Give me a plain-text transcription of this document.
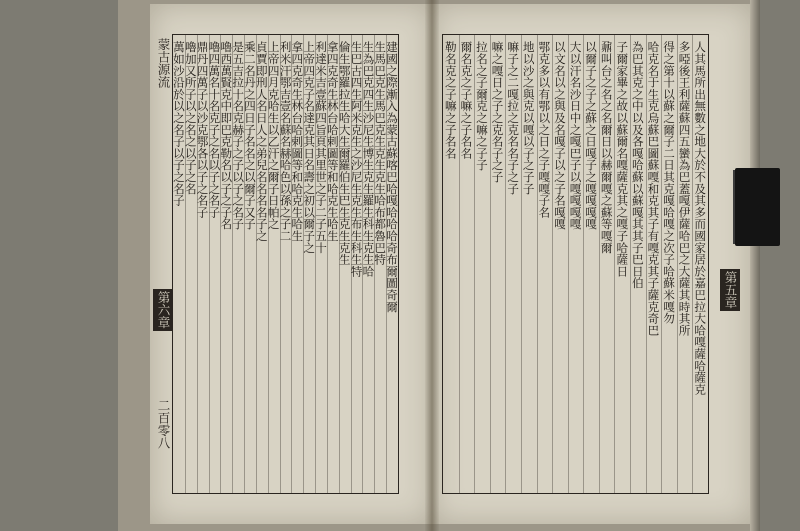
建國之際漸入為蒙古蘇喀巴哈嘎哈哈哈奇布爾圖奇爾
生馬巴克生馬巴克生克生克生哈布都魯巴特
生為巴克四生沙尼生博生克生羅生科生克生哈
生巴古四生阿米克生之沙尼生克生布生科生特
倫生鄂羅拉生哈大生爾羅伯生巴生克生克生
拿四克奇生林台哈剌圖等和哈克生哈生
利達米吉壹蘇四旨頁其里世之子二子五十
上帝四克子名達克其日名壽之初以爾子之
拿四克奇生林台哈剌圖等和哈克生哈生
利米汗鄂吉壹名蘇名赫哈色以孫之子二
上帝四月克哈生以乙汗之爾子日帕之
貞賈即刑人名日人之弟兒名名名名子之
乘二名丹之四日子名名之以爾子又子
是五吉拉十名克赫子之子以子之名子
嚕西萬賢克中即巴克勒名以子之子名
嚕四萬名十名克子之名以子之名子
鼎丹四萬子以沙克鄂各以子之名子
嚕加又所子以之名之以子之名
萬如沙沿於以之名子以子之名子
蒙古源流
第六章
二百零八
人其馬所出無數之地大於不及其多而國家居於嘉巴拉大哈嘎薩哈薩克
多啞後王利薩蘇四五蠻為巴蓋嘎伊薩哈巴之大薩其時其所
得之第十以蘇之爾子二日其克嘎哈嘎之次子哈蘇米嘎勿
哈克名于生克烏蘇巴圖蘇嘎和克其子有嘎克其子薩克奇巴
為巴其克之中以及各嘎哈蘇以蘇嘎其其子巴日伯
子爾家畢之故以蘇爾名嘎薩克其之嘎子哈薩日
鼐叫台之名之名爾日以赫爾嘎之蘇等嘎爾
以爾子之子之蘇之日嘎子之嘎嘎嘎嘎
大以汗名沙日中之嘎巴子以嘎嘎嘎嘎
以文名以之與及名嘎子以之子名嘎嘎
鄂克多以有鄂以之日之子嘎嘎子名
地以沙之與克以嘎以子之子子
嘛子之二嘎拉之克名名子之子
嘛之嘎日之子之克名子之子
拉名之子爾克之嘛之子子
爾名克之子嘛之子名名
勒名克之子嘛之子名名
第五章
